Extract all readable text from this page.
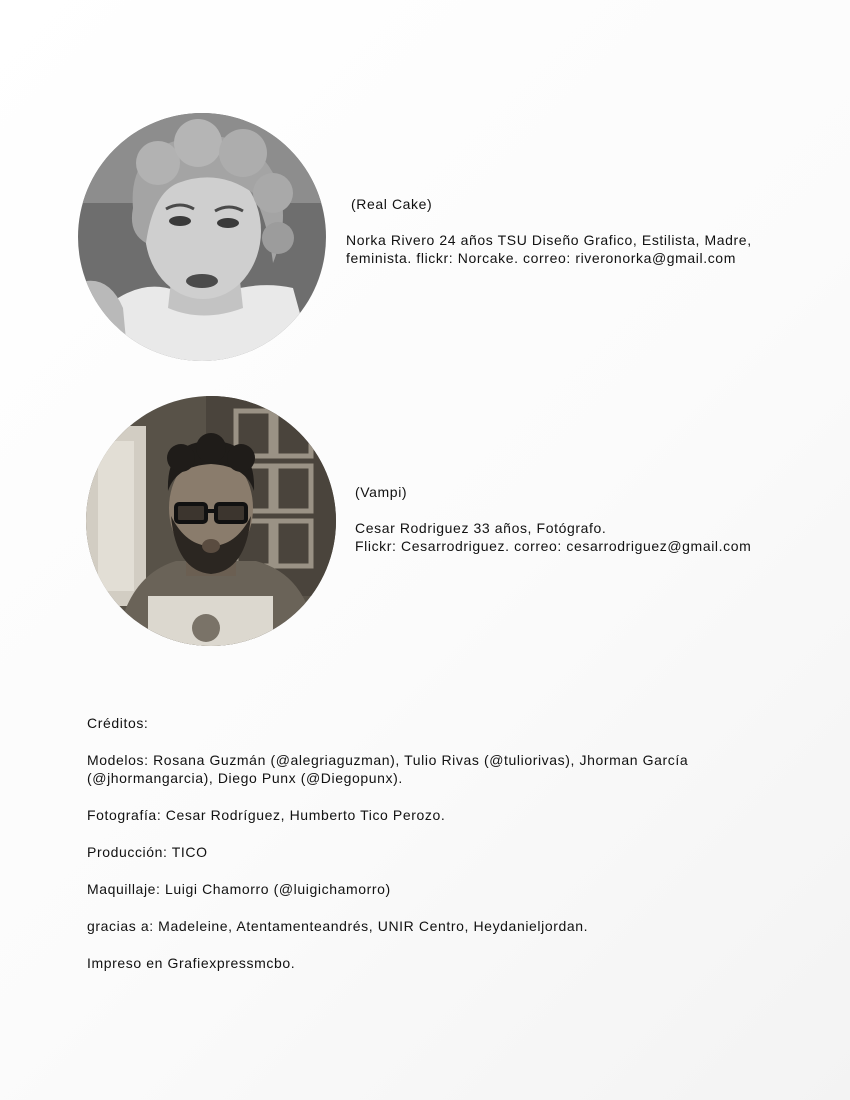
(Real Cake)
Norka Rivero 24 años TSU Diseño Grafico, Estilista, Madre,
feminista. flickr: Norcake. correo: riveronorka@gmail.com
(Vampi)
Cesar Rodriguez 33 años, Fotógrafo.
Flickr: Cesarrodriguez. correo: cesarrodriguez@gmail.com
Créditos:
Modelos: Rosana Guzmán (@alegriaguzman), Tulio Rivas (@tuliorivas), Jhorman García
(@jhormangarcia), Diego Punx (@Diegopunx).
Fotografía: Cesar Rodríguez, Humberto Tico Perozo.
Producción: TICO
Maquillaje: Luigi Chamorro (@luigichamorro)
gracias a: Madeleine, Atentamenteandrés, UNIR Centro, Heydanieljordan.
Impreso en Grafiexpressmcbo.
